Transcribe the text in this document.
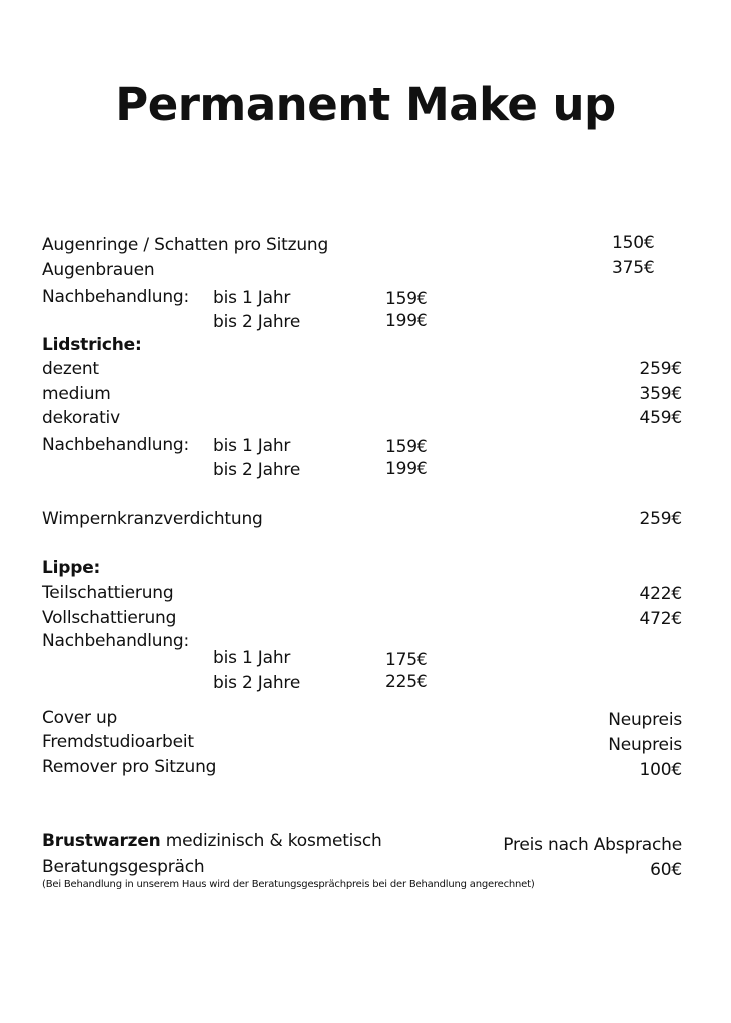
Permanent Make up
Augenringe / Schatten pro Sitzung	150€
Augenbrauen	375€
Nachbehandlung: bis 1 Jahr	159€
bis 2 Jahre	199€
Lidstriche:
dezent	259€
medium	359€
dekorativ	459€
Nachbehandlung: bis 1 Jahr	159€
bis 2 Jahre	199€
Wimpernkranzverdichtung	259€
Lippe:
Teilschattierung	422€
Vollschattierung	472€
Nachbehandlung:
bis 1 Jahr	175€
bis 2 Jahre	225€
Cover up	Neupreis
Fremdstudioarbeit	Neupreis
Remover pro Sitzung	100€
Brustwarzen medizinisch & kosmetisch	Preis nach Absprache
Beratungsgespräch	60€
(Bei Behandlung in unserem Haus wird der Beratungsgesprächpreis bei der Behandlung angerechnet)
